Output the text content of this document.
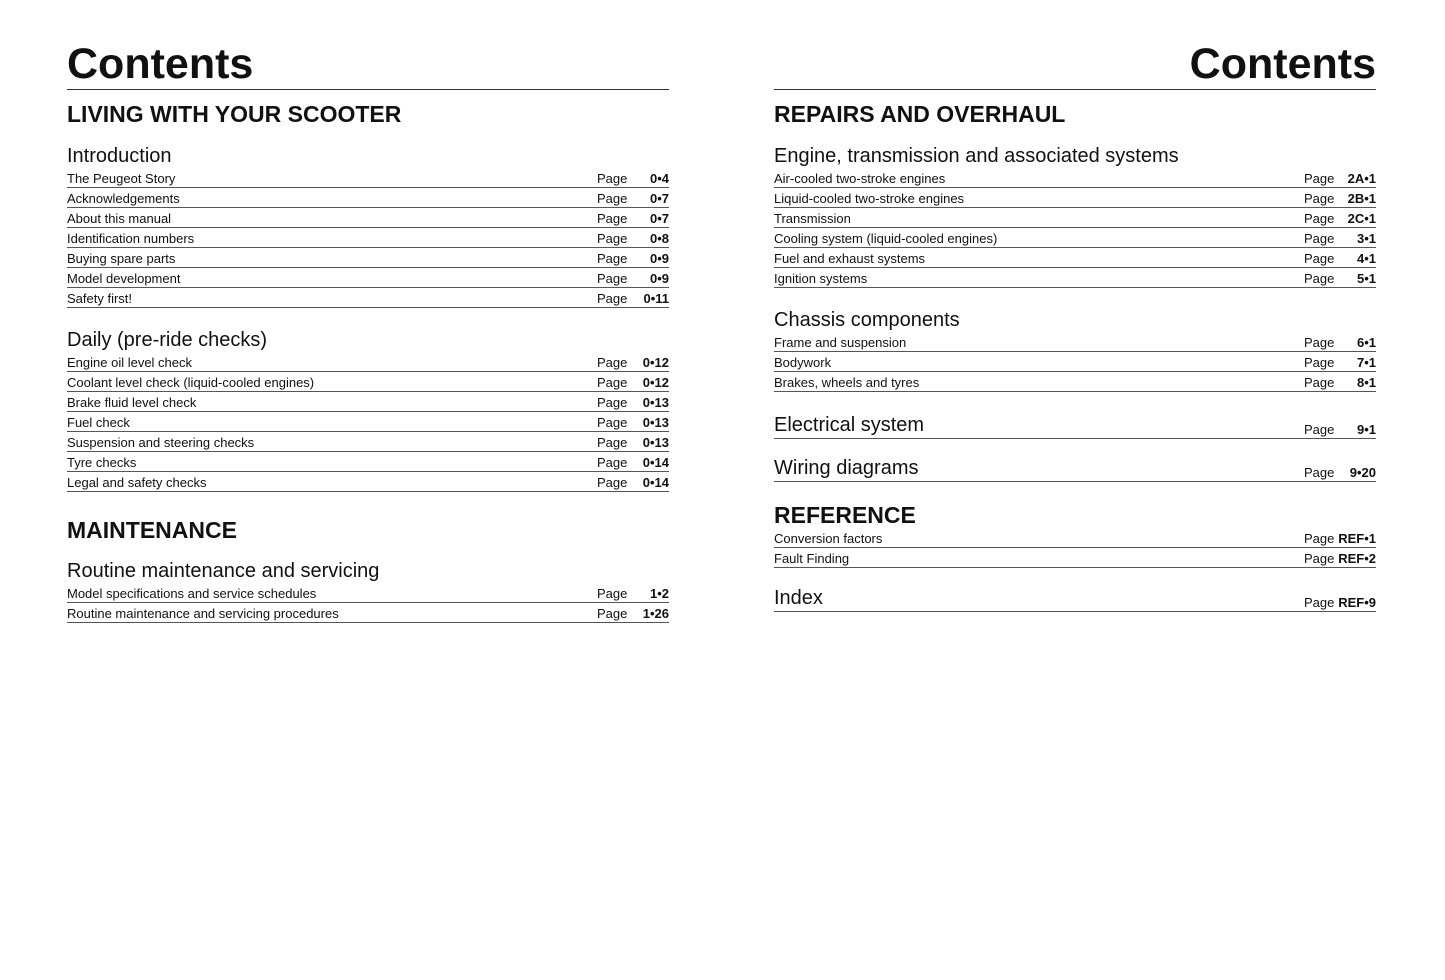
Contents
LIVING WITH YOUR SCOOTER
Introduction
The Peugeot Story	Page	0•4
Acknowledgements	Page	0•7
About this manual	Page	0•7
Identification numbers	Page	0•8
Buying spare parts	Page	0•9
Model development	Page	0•9
Safety first!	Page	0•11
Daily (pre-ride checks)
Engine oil level check	Page	0•12
Coolant level check (liquid-cooled engines)	Page	0•12
Brake fluid level check	Page	0•13
Fuel check	Page	0•13
Suspension and steering checks	Page	0•13
Tyre checks	Page	0•14
Legal and safety checks	Page	0•14
MAINTENANCE
Routine maintenance and servicing
Model specifications and service schedules	Page	1•2
Routine maintenance and servicing procedures	Page	1•26
Contents
REPAIRS AND OVERHAUL
Engine, transmission and associated systems
Air-cooled two-stroke engines	Page	2A•1
Liquid-cooled two-stroke engines	Page	2B•1
Transmission	Page	2C•1
Cooling system (liquid-cooled engines)	Page	3•1
Fuel and exhaust systems	Page	4•1
Ignition systems	Page	5•1
Chassis components
Frame and suspension	Page	6•1
Bodywork	Page	7•1
Brakes, wheels and tyres	Page	8•1
Electrical system	Page	9•1
Wiring diagrams	Page	9•20
REFERENCE
Conversion factors	Page REF•1
Fault Finding	Page REF•2
Index	Page REF•9
